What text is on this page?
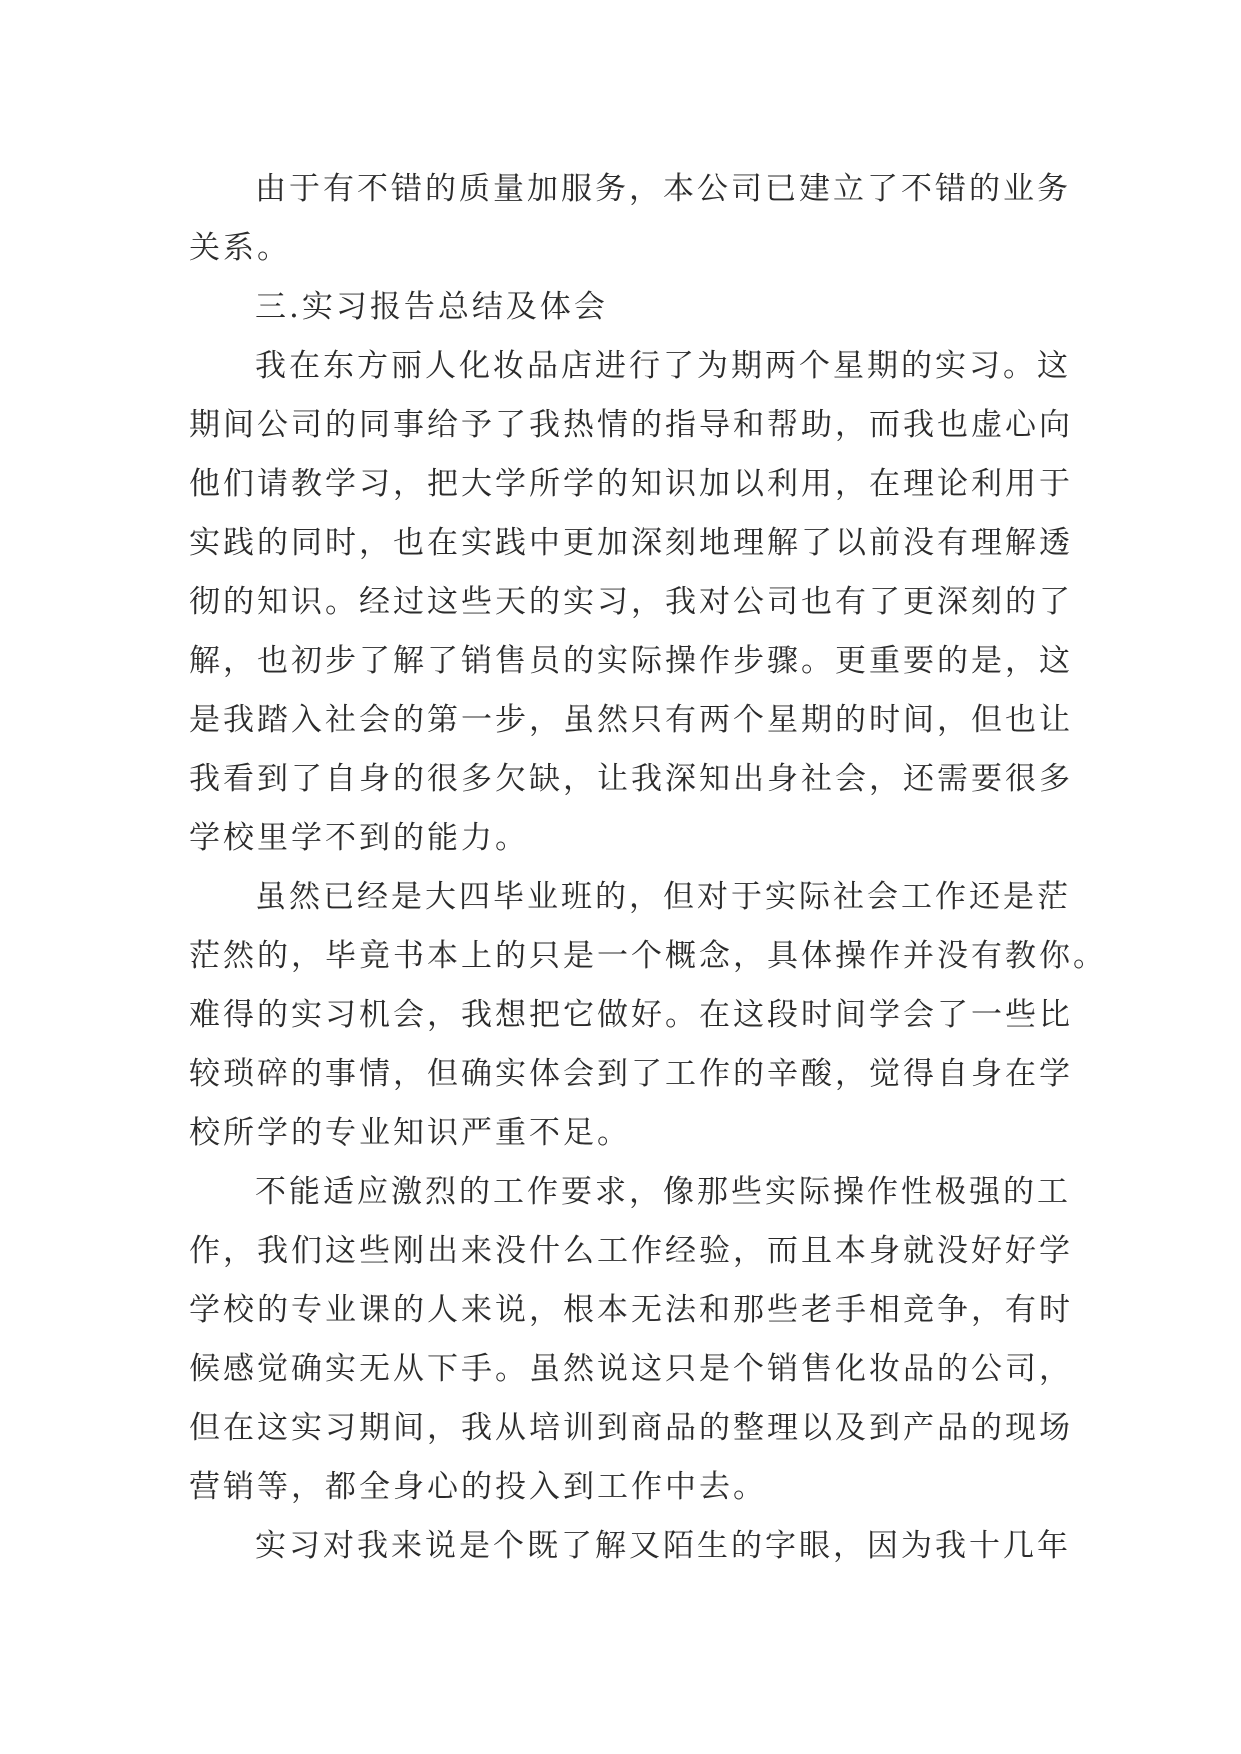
由于有不错的质量加服务，本公司已建立了不错的业务
关系。
三.实习报告总结及体会
我在东方丽人化妆品店进行了为期两个星期的实习。这
期间公司的同事给予了我热情的指导和帮助，而我也虚心向
他们请教学习，把大学所学的知识加以利用，在理论利用于
实践的同时，也在实践中更加深刻地理解了以前没有理解透
彻的知识。经过这些天的实习，我对公司也有了更深刻的了
解，也初步了解了销售员的实际操作步骤。更重要的是，这
是我踏入社会的第一步，虽然只有两个星期的时间，但也让
我看到了自身的很多欠缺，让我深知出身社会，还需要很多
学校里学不到的能力。
虽然已经是大四毕业班的，但对于实际社会工作还是茫
茫然的，毕竟书本上的只是一个概念，具体操作并没有教你。
难得的实习机会，我想把它做好。在这段时间学会了一些比
较琐碎的事情，但确实体会到了工作的辛酸，觉得自身在学
校所学的专业知识严重不足。
不能适应激烈的工作要求，像那些实际操作性极强的工
作，我们这些刚出来没什么工作经验，而且本身就没好好学
学校的专业课的人来说，根本无法和那些老手相竞争，有时
候感觉确实无从下手。虽然说这只是个销售化妆品的公司，
但在这实习期间，我从培训到商品的整理以及到产品的现场
营销等，都全身心的投入到工作中去。
实习对我来说是个既了解又陌生的字眼，因为我十几年
